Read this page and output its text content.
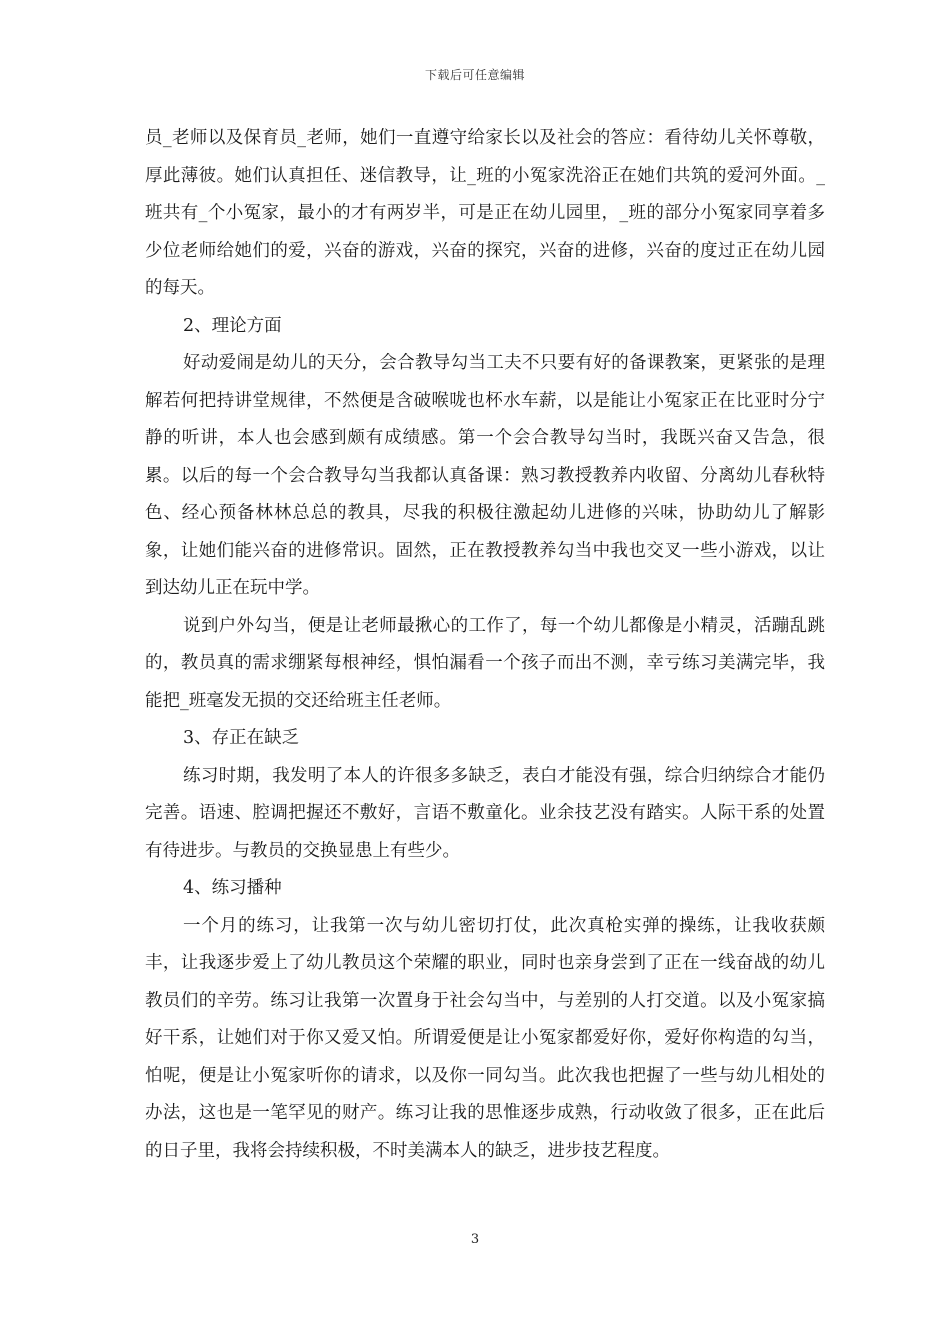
下载后可任意编辑

员_老师以及保育员_老师，她们一直遵守给家长以及社会的答应：看待幼儿关怀尊敬，厚此薄彼。她们认真担任、迷信教导，让_班的小冤家洗浴正在她们共筑的爱河外面。_班共有_个小冤家，最小的才有两岁半，可是正在幼儿园里，_班的部分小冤家同享着多少位老师给她们的爱，兴奋的游戏，兴奋的探究，兴奋的进修，兴奋的度过正在幼儿园的每天。

2、理论方面

好动爱闹是幼儿的天分，会合教导勾当工夫不只要有好的备课教案，更紧张的是理解若何把持讲堂规律，不然便是含破喉咙也杯水车薪，以是能让小冤家正在比亚时分宁静的听讲，本人也会感到颇有成绩感。第一个会合教导勾当时，我既兴奋又告急，很累。以后的每一个会合教导勾当我都认真备课：熟习教授教养内收留、分离幼儿春秋特色、经心预备林林总总的教具，尽我的积极往激起幼儿进修的兴味，协助幼儿了解影象，让她们能兴奋的进修常识。固然，正在教授教养勾当中我也交叉一些小游戏，以让到达幼儿正在玩中学。

说到户外勾当，便是让老师最揪心的工作了，每一个幼儿都像是小精灵，活蹦乱跳的，教员真的需求绷紧每根神经，惧怕漏看一个孩子而出不测，幸亏练习美满完毕，我能把_班毫发无损的交还给班主任老师。

3、存正在缺乏

练习时期，我发明了本人的许很多多缺乏，表白才能没有强，综合归纳综合才能仍完善。语速、腔调把握还不敷好，言语不敷童化。业余技艺没有踏实。人际干系的处置有待进步。与教员的交换显患上有些少。

4、练习播种

一个月的练习，让我第一次与幼儿密切打仗，此次真枪实弹的操练，让我收获颇丰，让我逐步爱上了幼儿教员这个荣耀的职业，同时也亲身尝到了正在一线奋战的幼儿教员们的辛劳。练习让我第一次置身于社会勾当中，与差别的人打交道。以及小冤家搞好干系，让她们对于你又爱又怕。所谓爱便是让小冤家都爱好你，爱好你构造的勾当，怕呢，便是让小冤家听你的请求，以及你一同勾当。此次我也把握了一些与幼儿相处的办法，这也是一笔罕见的财产。练习让我的思惟逐步成熟，行动收敛了很多，正在此后的日子里，我将会持续积极，不时美满本人的缺乏，进步技艺程度。

3
